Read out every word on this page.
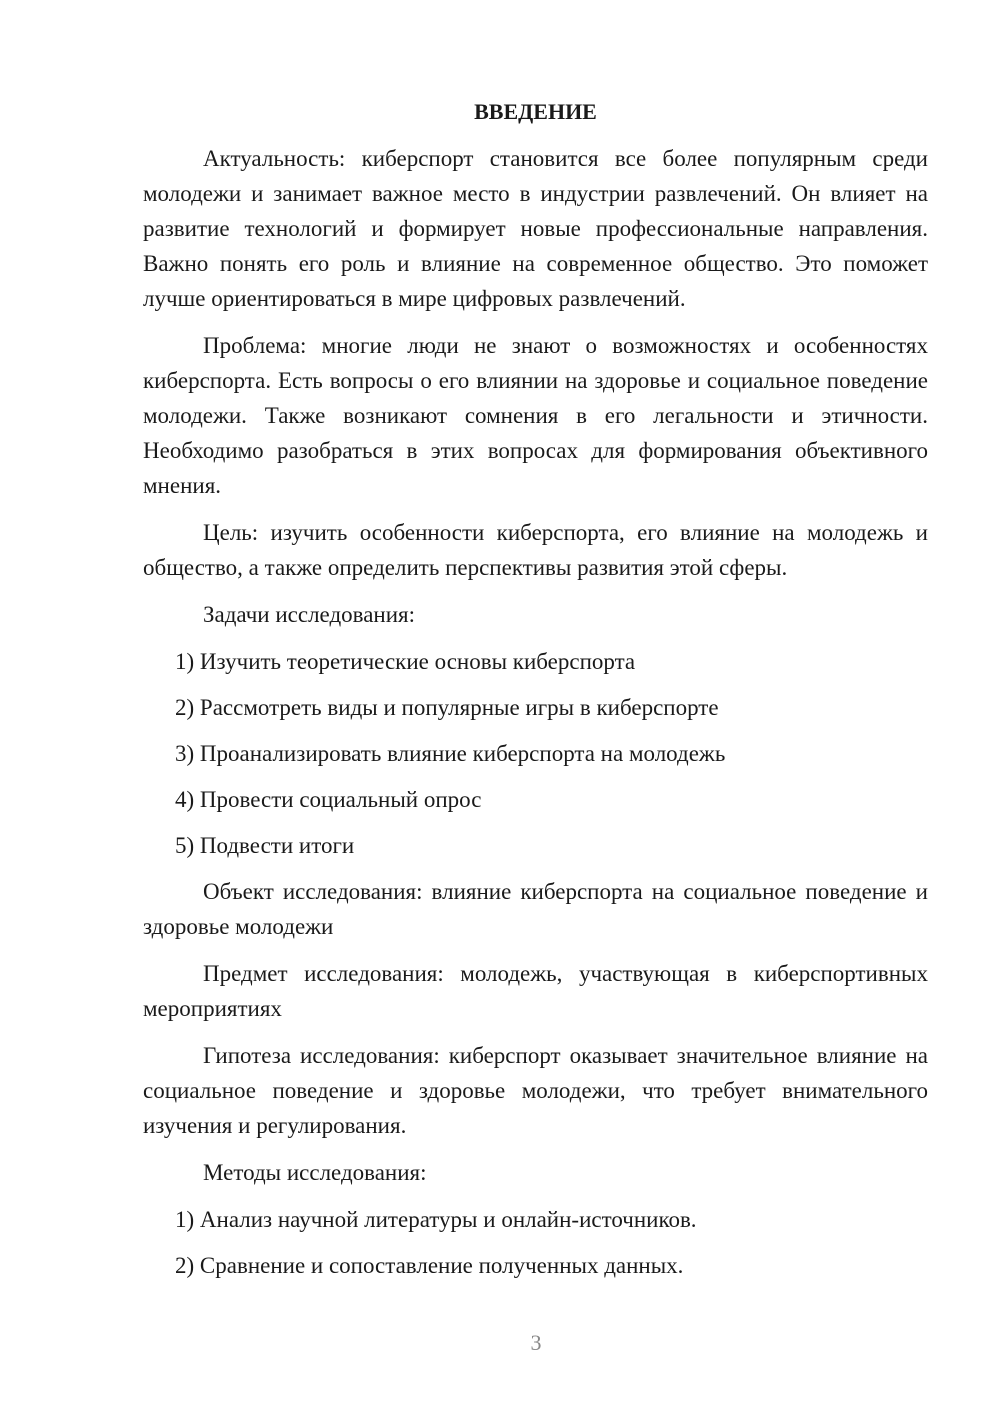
ВВЕДЕНИЕ

Актуальность: киберспорт становится все более популярным среди молодежи и занимает важное место в индустрии развлечений. Он влияет на развитие технологий и формирует новые профессиональные направления. Важно понять его роль и влияние на современное общество. Это поможет лучше ориентироваться в мире цифровых развлечений.

Проблема: многие люди не знают о возможностях и особенностях киберспорта. Есть вопросы о его влиянии на здоровье и социальное поведение молодежи. Также возникают сомнения в его легальности и этичности. Необходимо разобраться в этих вопросах для формирования объективного мнения.

Цель: изучить особенности киберспорта, его влияние на молодежь и общество, а также определить перспективы развития этой сферы.

Задачи исследования:

1) Изучить теоретические основы киберспорта
2) Рассмотреть виды и популярные игры в киберспорте
3) Проанализировать влияние киберспорта на молодежь
4) Провести социальный опрос
5) Подвести итоги

Объект исследования: влияние киберспорта на социальное поведение и здоровье молодежи

Предмет исследования: молодежь, участвующая в киберспортивных мероприятиях

Гипотеза исследования: киберспорт оказывает значительное влияние на социальное поведение и здоровье молодежи, что требует внимательного изучения и регулирования.

Методы исследования:

1) Анализ научной литературы и онлайн-источников.
2) Сравнение и сопоставление полученных данных.
3
